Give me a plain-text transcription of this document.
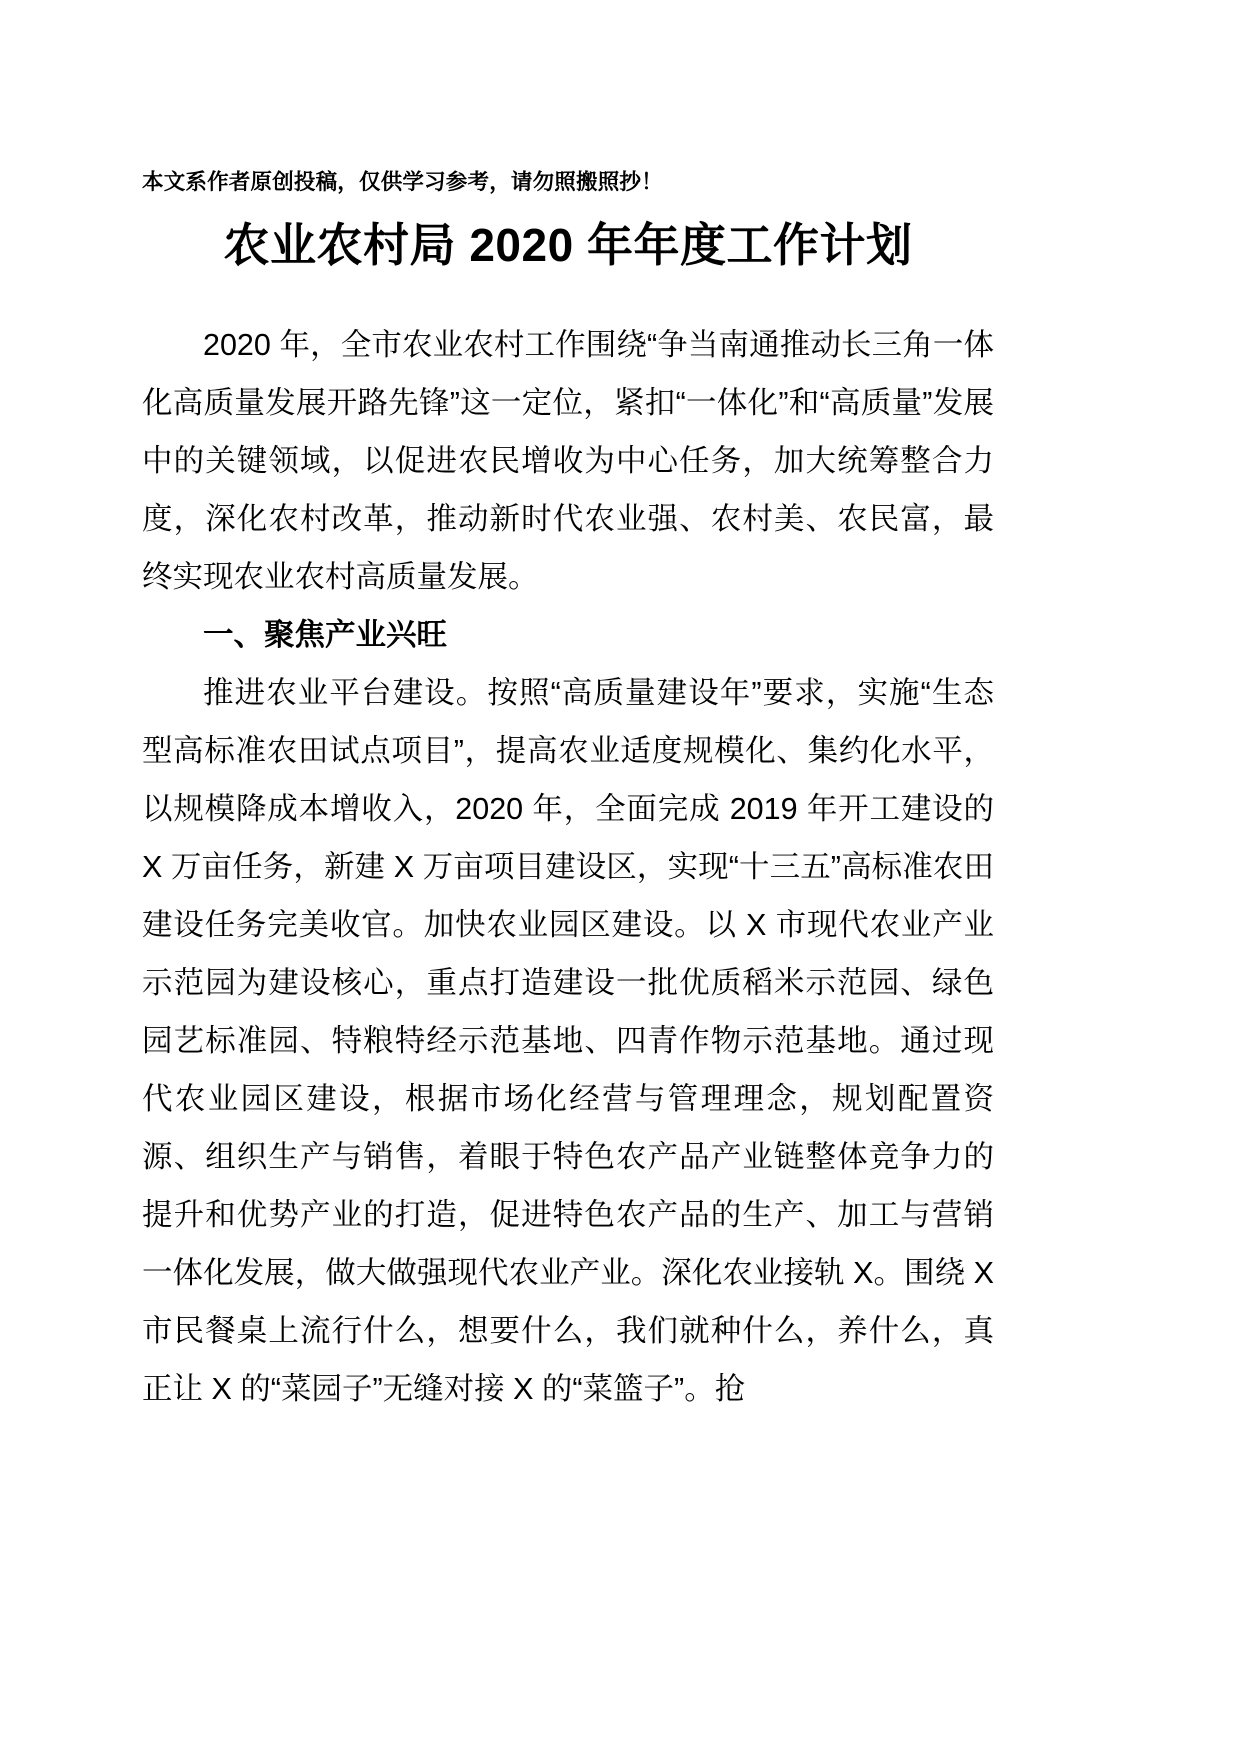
本文系作者原创投稿，仅供学习参考，请勿照搬照抄！
农业农村局 2020 年年度工作计划

2020 年，全市农业农村工作围绕“争当南通推动长三角一体化高质量发展开路先锋”这一定位，紧扣“一体化”和“高质量”发展中的关键领域，以促进农民增收为中心任务，加大统筹整合力度，深化农村改革，推动新时代农业强、农村美、农民富，最终实现农业农村高质量发展。

一、聚焦产业兴旺

推进农业平台建设。按照“高质量建设年”要求，实施“生态型高标准农田试点项目”，提高农业适度规模化、集约化水平，以规模降成本增收入，2020 年，全面完成 2019 年开工建设的 X 万亩任务，新建 X 万亩项目建设区，实现“十三五”高标准农田建设任务完美收官。加快农业园区建设。以 X 市现代农业产业示范园为建设核心，重点打造建设一批优质稻米示范园、绿色园艺标准园、特粮特经示范基地、四青作物示范基地。通过现代农业园区建设，根据市场化经营与管理理念，规划配置资源、组织生产与销售，着眼于特色农产品产业链整体竞争力的提升和优势产业的打造，促进特色农产品的生产、加工与营销一体化发展，做大做强现代农业产业。深化农业接轨 X。围绕 X 市民餐桌上流行什么，想要什么，我们就种什么，养什么，真正让 X 的“菜园子”无缝对接 X 的“菜篮子”。抢
